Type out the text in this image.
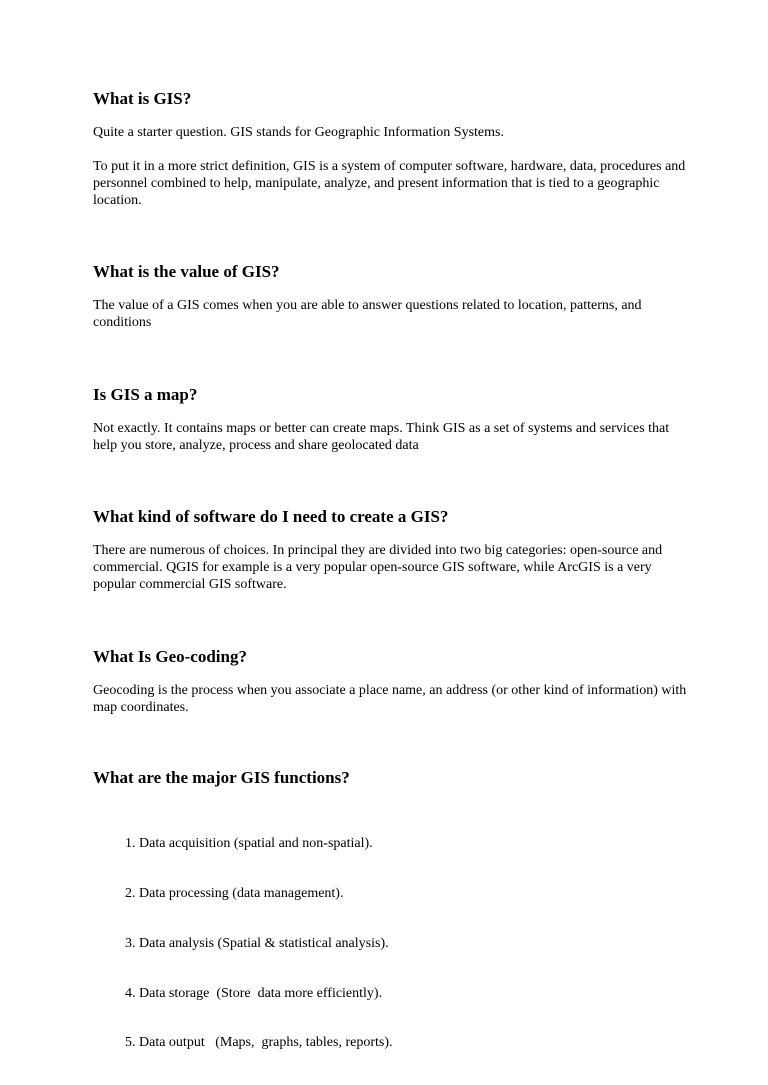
What is GIS?

Quite a starter question. GIS stands for Geographic Information Systems.

To put it in a more strict definition, GIS is a system of computer software, hardware, data, procedures and personnel combined to help, manipulate, analyze, and present information that is tied to a geographic location.

What is the value of GIS?

The value of a GIS comes when you are able to answer questions related to location, patterns, and conditions

Is GIS a map?

Not exactly. It contains maps or better can create maps. Think GIS as a set of systems and services that help you store, analyze, process and share geolocated data

What kind of software do I need to create a GIS?

There are numerous of choices. In principal they are divided into two big categories: open-source and commercial. QGIS for example is a very popular open-source GIS software, while ArcGIS is a very popular commercial GIS software.

What Is Geo-coding?

Geocoding is the process when you associate a place name, an address (or other kind of information) with map coordinates.

What are the major GIS functions?

1. Data acquisition (spatial and non-spatial).

2. Data processing (data management).

3. Data analysis (Spatial & statistical analysis).

4. Data storage  (Store  data more efficiently).

5. Data output   (Maps,  graphs, tables, reports).
